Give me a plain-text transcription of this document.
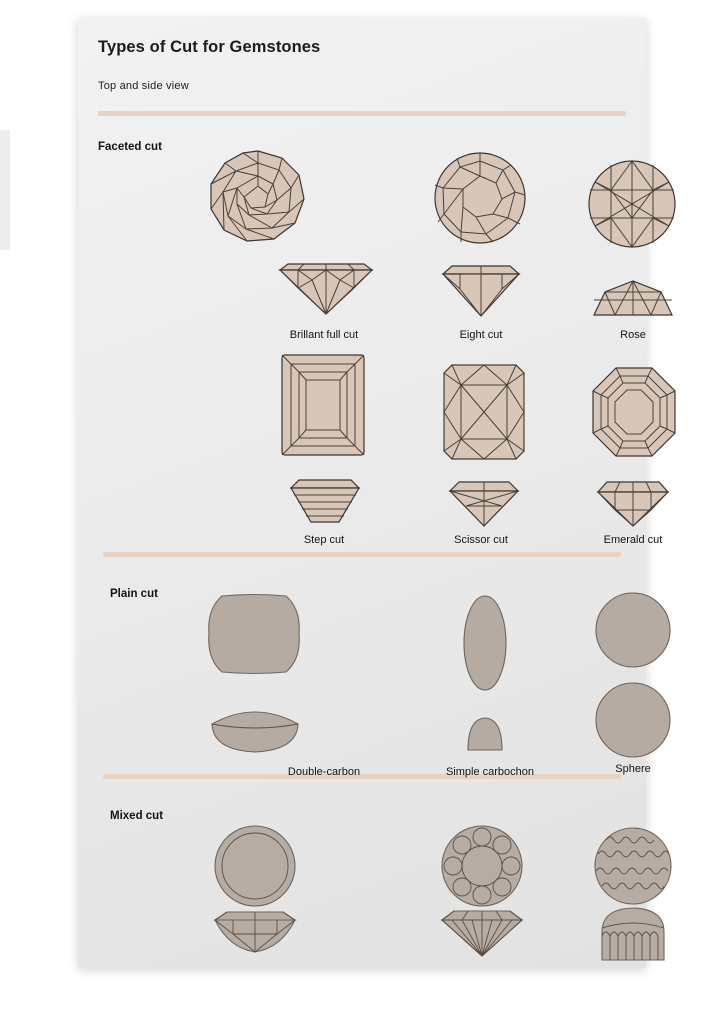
Types of Cut for Gemstones
Top and side view
Faceted cut
Brillant full cut	Eight cut	Rose
Step cut	Scissor cut	Emerald cut
Plain cut
Double-carbon	Simple carbochon	Sphere
Mixed cut
